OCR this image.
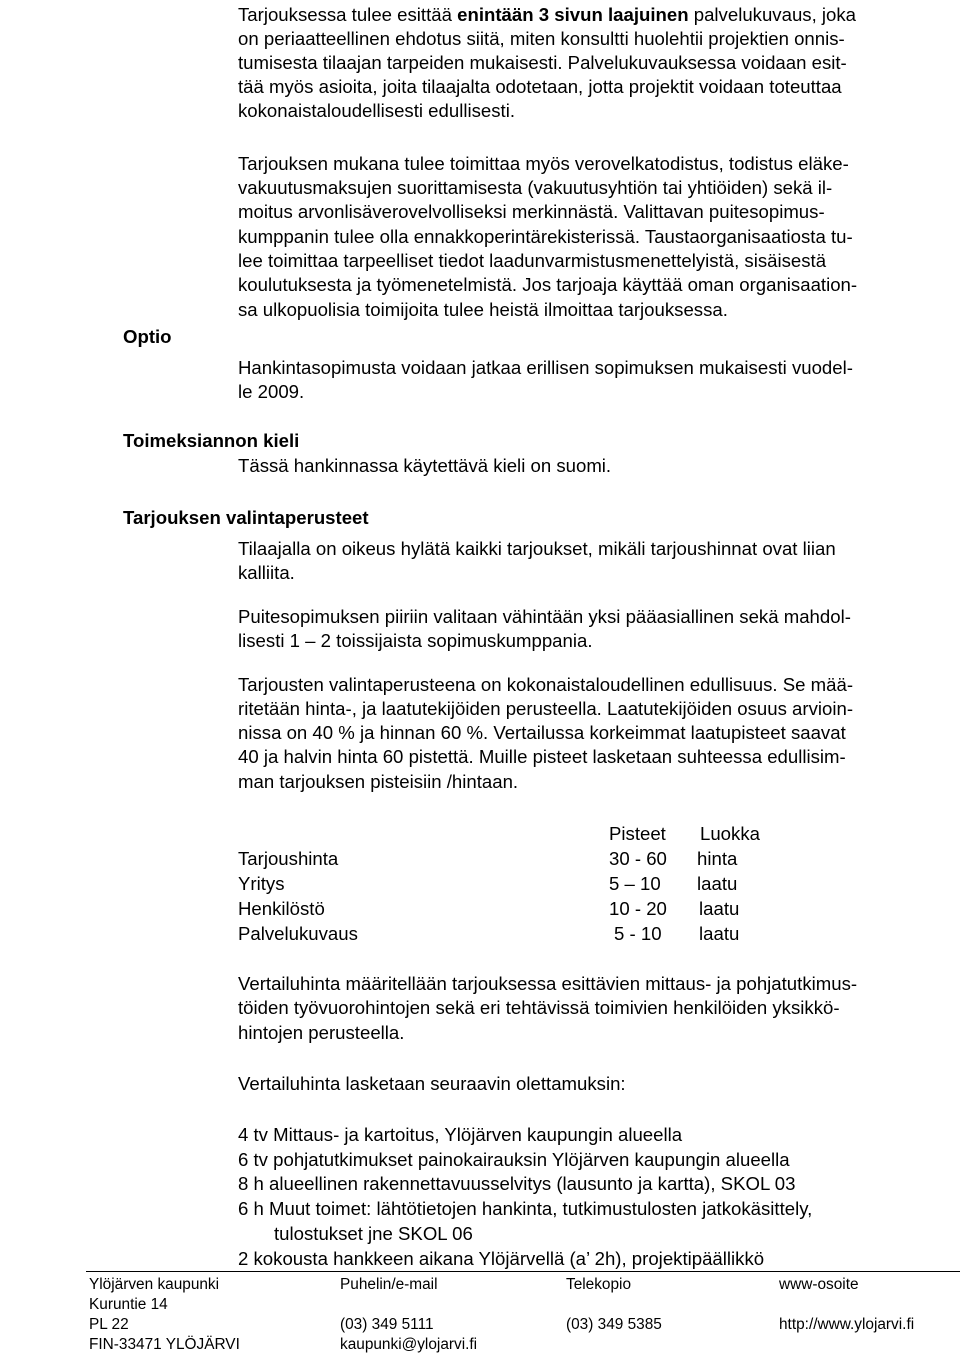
Tarjouksessa tulee esittää enintään 3 sivun laajuinen palvelukuvaus, joka
on periaatteellinen ehdotus siitä, miten konsultti huolehtii projektien onnis-
tumisesta tilaajan tarpeiden mukaisesti. Palvelukuvauksessa voidaan esit-
tää myös asioita, joita tilaajalta odotetaan, jotta projektit voidaan toteuttaa
kokonaistaloudellisesti edullisesti.
Tarjouksen mukana tulee toimittaa myös verovelkatodistus, todistus eläke-
vakuutusmaksujen suorittamisesta (vakuutusyhtiön tai yhtiöiden) sekä il-
moitus arvonlisäverovelvolliseksi merkinnästä. Valittavan puitesopimus-
kumppanin tulee olla ennakkoperintärekisterissä. Taustaorganisaatiosta tu-
lee toimittaa tarpeelliset tiedot laadunvarmistusmenettelyistä, sisäisestä
koulutuksesta ja työmenetelmistä. Jos tarjoaja käyttää oman organisaation-
sa ulkopuolisia toimijoita tulee heistä ilmoittaa tarjouksessa.
Optio
Hankintasopimusta voidaan jatkaa erillisen sopimuksen mukaisesti vuodel-
le 2009.
Toimeksiannon kieli
Tässä hankinnassa käytettävä kieli on suomi.
Tarjouksen valintaperusteet
Tilaajalla on oikeus hylätä kaikki tarjoukset, mikäli tarjoushinnat ovat liian
kalliita.
Puitesopimuksen piiriin valitaan vähintään yksi pääasiallinen sekä mahdol-
lisesti 1 – 2 toissijaista sopimuskumppania.
Tarjousten valintaperusteena on kokonaistaloudellinen edullisuus. Se mää-
ritetään hinta-, ja laatutekijöiden perusteella. Laatutekijöiden osuus arvioin-
nissa on 40 % ja hinnan 60 %. Vertailussa korkeimmat laatupisteet saavat
40 ja halvin hinta 60 pistettä. Muille pisteet lasketaan suhteessa edullisim-
man tarjouksen pisteisiin /hintaan.
Pisteet Luokka
Tarjoushinta	30 - 60 hinta
Yritys	5 – 10 laatu
Henkilöstö	10 - 20 laatu
Palvelukuvaus	5 - 10 laatu
Vertailuhinta määritellään tarjouksessa esittävien mittaus- ja pohjatutkimus-
töiden työvuorohintojen sekä eri tehtävissä toimivien henkilöiden yksikkö-
hintojen perusteella.
Vertailuhinta lasketaan seuraavin olettamuksin:
4 tv Mittaus- ja kartoitus, Ylöjärven kaupungin alueella
6 tv pohjatutkimukset painokairauksin Ylöjärven kaupungin alueella
8 h alueellinen rakennettavuusselvitys (lausunto ja kartta), SKOL 03
6 h Muut toimet: lähtötietojen hankinta, tutkimustulosten jatkokäsittely,
tulostukset jne SKOL 06
2 kokousta hankkeen aikana Ylöjärvellä (a’ 2h), projektipäällikkö
Ylöjärven kaupunki
Kuruntie 14
PL 22
FIN-33471 YLÖJÄRVI
Puhelin/e-mail
(03) 349 5111
kaupunki@ylojarvi.fi
Telekopio
(03) 349 5385
www-osoite
http://www.ylojarvi.fi
